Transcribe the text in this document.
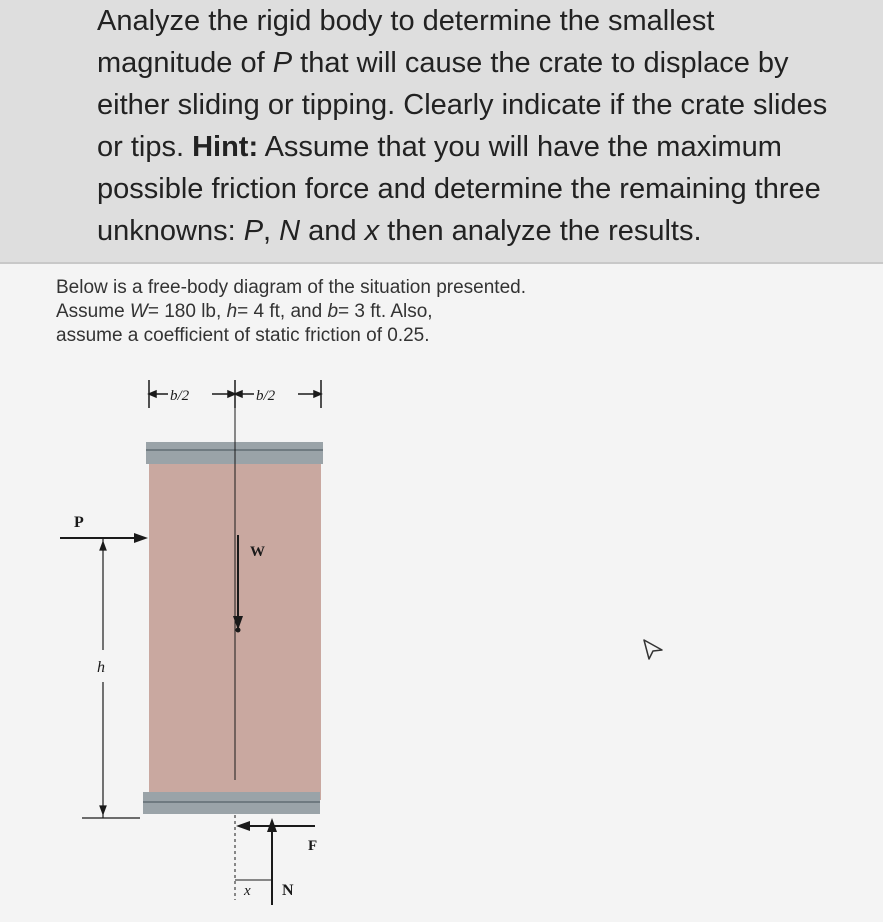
Analyze the rigid body to determine the smallest
magnitude of P that will cause the crate to displace by
either sliding or tipping. Clearly indicate if the crate slides
or tips. Hint: Assume that you will have the maximum
possible friction force and determine the remaining three
unknowns: P, N and x then analyze the results.
Below is a free-body diagram of the situation presented.
Assume W= 180 lb, h= 4 ft, and b= 3 ft. Also,
assume a coefficient of static friction of 0.25.
b/2	b/2
W
P
h
F
N
x
